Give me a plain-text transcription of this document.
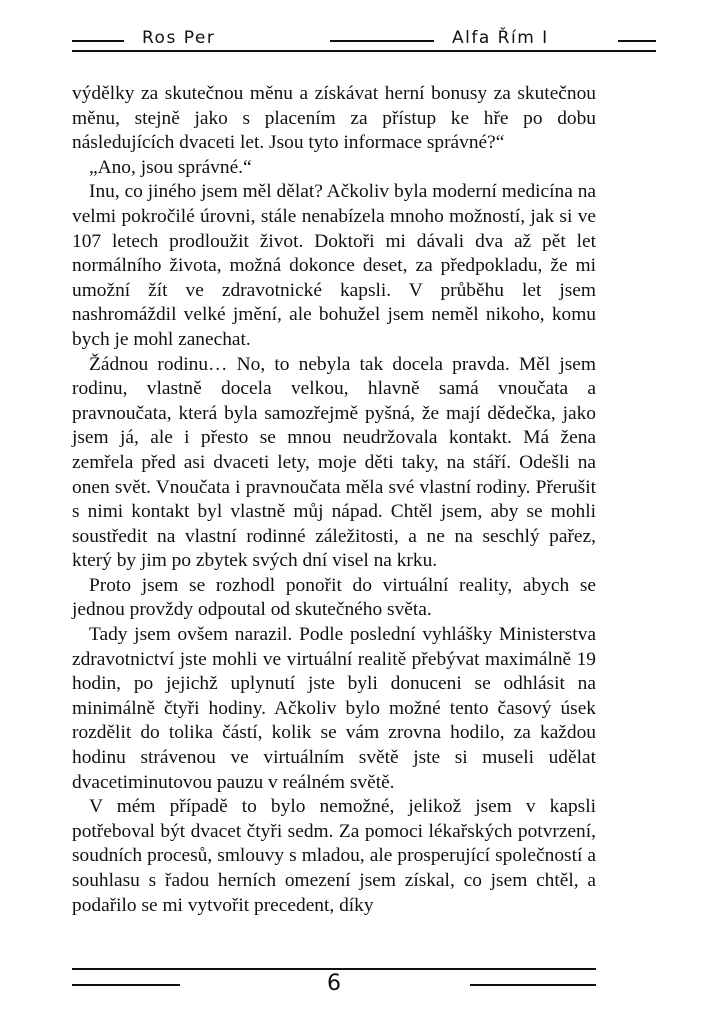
Ros Per	Alfa Řím I

výdělky za skutečnou měnu a získávat herní bonusy za skutečnou měnu, stejně jako s placením za přístup ke hře po dobu následujících dvaceti let. Jsou tyto informace správné?“

„Ano, jsou správné.“

Inu, co jiného jsem měl dělat? Ačkoliv byla moderní medicína na velmi pokročilé úrovni, stále nenabízela mnoho možností, jak si ve 107 letech prodloužit život. Doktoři mi dávali dva až pět let normálního života, možná dokonce deset, za předpokladu, že mi umožní žít ve zdravotnické kapsli. V průběhu let jsem nashromáždil velké jmění, ale bohužel jsem neměl nikoho, komu bych je mohl zanechat.

Žádnou rodinu… No, to nebyla tak docela pravda. Měl jsem rodinu, vlastně docela velkou, hlavně samá vnoučata a pravnoučata, která byla samozřejmě pyšná, že mají dědečka, jako jsem já, ale i přesto se mnou neudržovala kontakt. Má žena zemřela před asi dvaceti lety, moje děti taky, na stáří. Odešli na onen svět. Vnoučata i pravnoučata měla své vlastní rodiny. Přerušit s nimi kontakt byl vlastně můj nápad. Chtěl jsem, aby se mohli soustředit na vlastní rodinné záležitosti, a ne na seschlý pařez, který by jim po zbytek svých dní visel na krku.

Proto jsem se rozhodl ponořit do virtuální reality, abych se jednou provždy odpoutal od skutečného světa.

Tady jsem ovšem narazil. Podle poslední vyhlášky Ministerstva zdravotnictví jste mohli ve virtuální realitě přebývat maximálně 19 hodin, po jejichž uplynutí jste byli donuceni se odhlásit na minimálně čtyři hodiny. Ačkoliv bylo možné tento časový úsek rozdělit do tolika částí, kolik se vám zrovna hodilo, za každou hodinu strávenou ve virtuálním světě jste si museli udělat dvacetiminutovou pauzu v reálném světě.

V mém případě to bylo nemožné, jelikož jsem v kapsli potřeboval být dvacet čtyři sedm. Za pomoci lékařských potvrzení, soudních procesů, smlouvy s mladou, ale prosperující společností a souhlasu s řadou herních omezení jsem získal, co jsem chtěl, a podařilo se mi vytvořit precedent, díky

6
